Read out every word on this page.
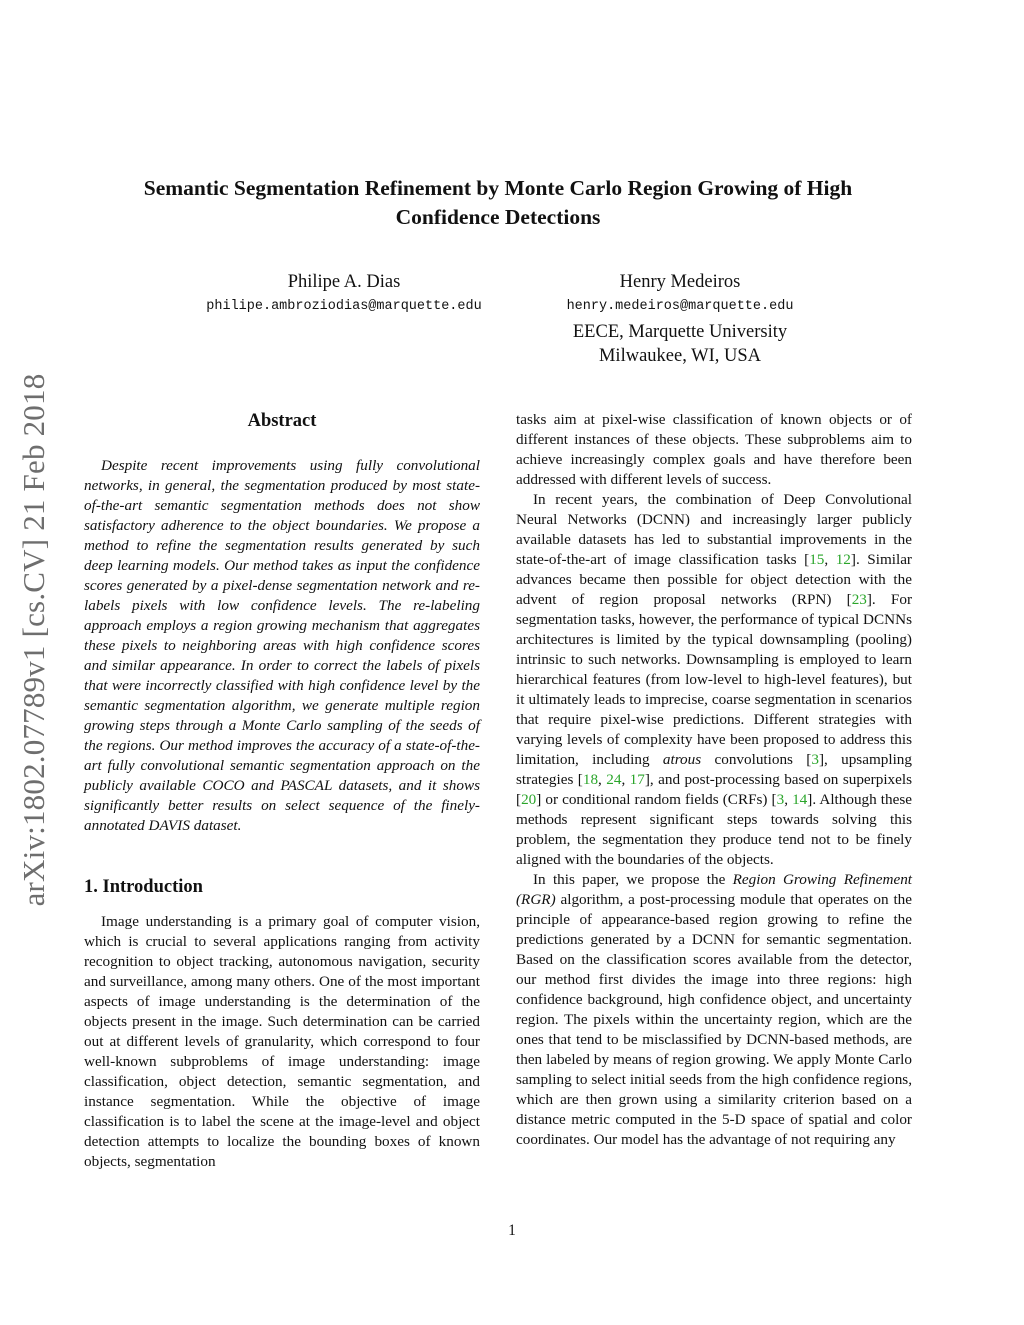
arXiv:1802.07789v1 [cs.CV] 21 Feb 2018
Semantic Segmentation Refinement by Monte Carlo Region Growing of High Confidence Detections
Philipe A. Dias
philipe.ambroziodias@marquette.edu
Henry Medeiros
henry.medeiros@marquette.edu
EECE, Marquette University
Milwaukee, WI, USA
Abstract

Despite recent improvements using fully convolutional networks, in general, the segmentation produced by most state-of-the-art semantic segmentation methods does not show satisfactory adherence to the object boundaries. We propose a method to refine the segmentation results generated by such deep learning models. Our method takes as input the confidence scores generated by a pixel-dense segmentation network and re-labels pixels with low confidence levels. The re-labeling approach employs a region growing mechanism that aggregates these pixels to neighboring areas with high confidence scores and similar appearance. In order to correct the labels of pixels that were incorrectly classified with high confidence level by the semantic segmentation algorithm, we generate multiple region growing steps through a Monte Carlo sampling of the seeds of the regions. Our method improves the accuracy of a state-of-the-art fully convolutional semantic segmentation approach on the publicly available COCO and PASCAL datasets, and it shows significantly better results on select sequence of the finely-annotated DAVIS dataset.

1. Introduction

Image understanding is a primary goal of computer vision, which is crucial to several applications ranging from activity recognition to object tracking, autonomous navigation, security and surveillance, among many others. One of the most important aspects of image understanding is the determination of the objects present in the image. Such determination can be carried out at different levels of granularity, which correspond to four well-known subproblems of image understanding: image classification, object detection, semantic segmentation, and instance segmentation. While the objective of image classification is to label the scene at the image-level and object detection attempts to localize the bounding boxes of known objects, segmentation

tasks aim at pixel-wise classification of known objects or of different instances of these objects. These subproblems aim to achieve increasingly complex goals and have therefore been addressed with different levels of success.

In recent years, the combination of Deep Convolutional Neural Networks (DCNN) and increasingly larger publicly available datasets has led to substantial improvements in the state-of-the-art of image classification tasks [15, 12]. Similar advances became then possible for object detection with the advent of region proposal networks (RPN) [23]. For segmentation tasks, however, the performance of typical DCNNs architectures is limited by the typical downsampling (pooling) intrinsic to such networks. Downsampling is employed to learn hierarchical features (from low-level to high-level features), but it ultimately leads to imprecise, coarse segmentation in scenarios that require pixel-wise predictions. Different strategies with varying levels of complexity have been proposed to address this limitation, including atrous convolutions [3], upsampling strategies [18, 24, 17], and post-processing based on superpixels [20] or conditional random fields (CRFs) [3, 14]. Although these methods represent significant steps towards solving this problem, the segmentation they produce tend not to be finely aligned with the boundaries of the objects.

In this paper, we propose the Region Growing Refinement (RGR) algorithm, a post-processing module that operates on the principle of appearance-based region growing to refine the predictions generated by a DCNN for semantic segmentation. Based on the classification scores available from the detector, our method first divides the image into three regions: high confidence background, high confidence object, and uncertainty region. The pixels within the uncertainty region, which are the ones that tend to be misclassified by DCNN-based methods, are then labeled by means of region growing. We apply Monte Carlo sampling to select initial seeds from the high confidence regions, which are then grown using a similarity criterion based on a distance metric computed in the 5-D space of spatial and color coordinates. Our model has the advantage of not requiring any

1
